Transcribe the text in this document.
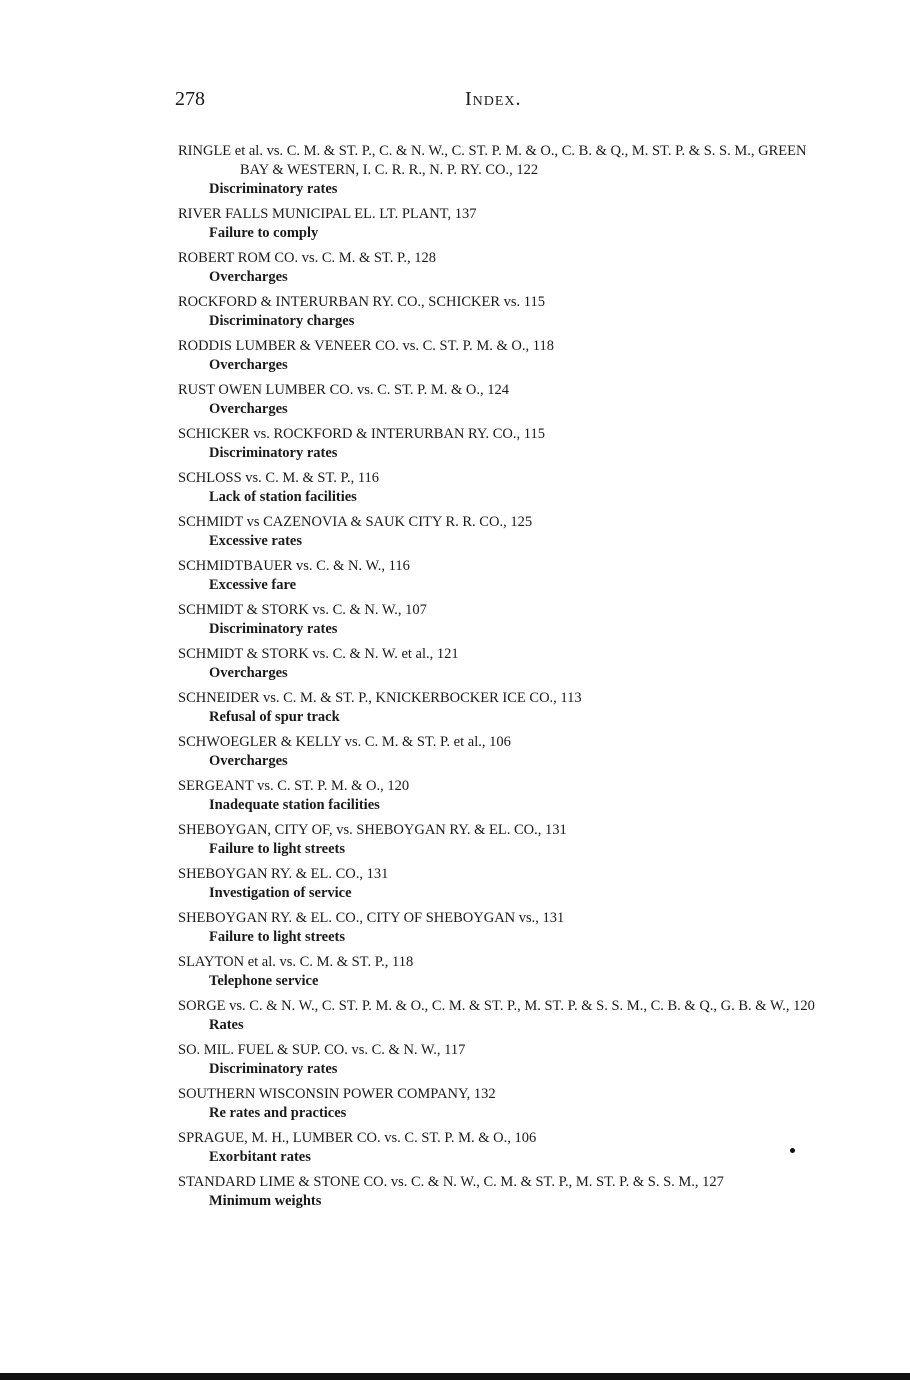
278	Index.
RINGLE et al. vs. C. M. & ST. P., C. & N. W., C. ST. P. M. & O., C. B. & Q., M. ST. P. & S. S. M., GREEN BAY & WESTERN, I. C. R. R., N. P. RY. CO., 122
Discriminatory rates
RIVER FALLS MUNICIPAL EL. LT. PLANT, 137
Failure to comply
ROBERT ROM CO. vs. C. M. & ST. P., 128
Overcharges
ROCKFORD & INTERURBAN RY. CO., SCHICKER vs. 115
Discriminatory charges
RODDIS LUMBER & VENEER CO. vs. C. ST. P. M. & O., 118
Overcharges
RUST OWEN LUMBER CO. vs. C. ST. P. M. & O., 124
Overcharges
SCHICKER vs. ROCKFORD & INTERURBAN RY. CO., 115
Discriminatory rates
SCHLOSS vs. C. M. & ST. P., 116
Lack of station facilities
SCHMIDT vs CAZENOVIA & SAUK CITY R. R. CO., 125
Excessive rates
SCHMIDTBAUER vs. C. & N. W., 116
Excessive fare
SCHMIDT & STORK vs. C. & N. W., 107
Discriminatory rates
SCHMIDT & STORK vs. C. & N. W. et al., 121
Overcharges
SCHNEIDER vs. C. M. & ST. P., KNICKERBOCKER ICE CO., 113
Refusal of spur track
SCHWOEGLER & KELLY vs. C. M. & ST. P. et al., 106
Overcharges
SERGEANT vs. C. ST. P. M. & O., 120
Inadequate station facilities
SHEBOYGAN, CITY OF, vs. SHEBOYGAN RY. & EL. CO., 131
Failure to light streets
SHEBOYGAN RY. & EL. CO., 131
Investigation of service
SHEBOYGAN RY. & EL. CO., CITY OF SHEBOYGAN vs., 131
Failure to light streets
SLAYTON et al. vs. C. M. & ST. P., 118
Telephone service
SORGE vs. C. & N. W., C. ST. P. M. & O., C. M. & ST. P., M. ST. P. & S. S. M., C. B. & Q., G. B. & W., 120
Rates
SO. MIL. FUEL & SUP. CO. vs. C. & N. W., 117
Discriminatory rates
SOUTHERN WISCONSIN POWER COMPANY, 132
Re rates and practices
SPRAGUE, M. H., LUMBER CO. vs. C. ST. P. M. & O., 106
Exorbitant rates
STANDARD LIME & STONE CO. vs. C. & N. W., C. M. & ST. P., M. ST. P. & S. S. M., 127
Minimum weights
